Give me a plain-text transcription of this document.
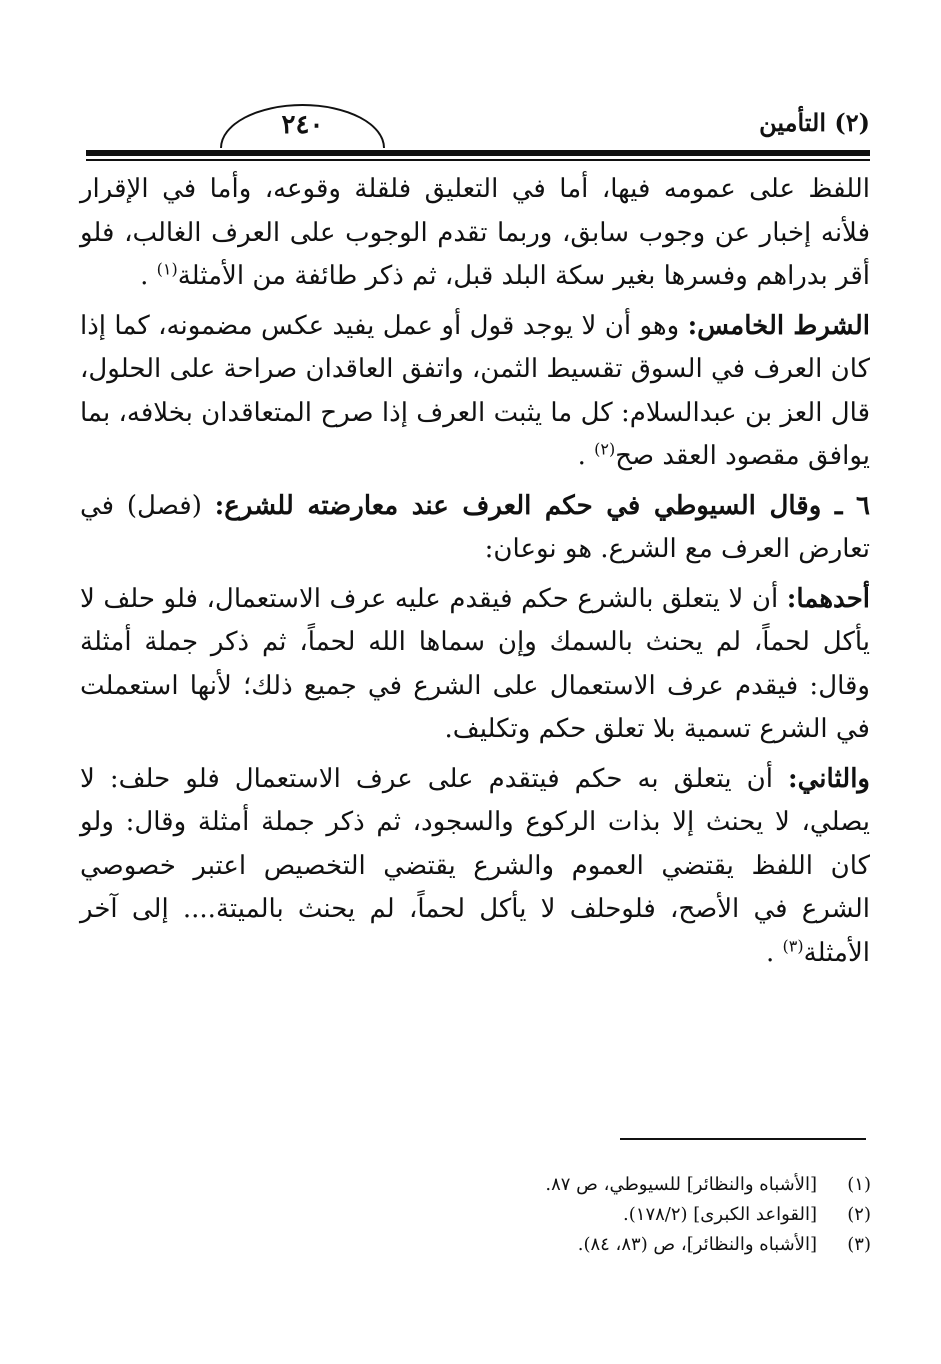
٢٤٠	(٢) التأمين

اللفظ على عمومه فيها، أما في التعليق فلقلة وقوعه، وأما في الإقرار فلأنه إخبار عن وجوب سابق، وربما تقدم الوجوب على العرف الغالب، فلو أقر بدراهم وفسرها بغير سكة البلد قبل، ثم ذكر طائفة من الأمثلة$^{(١)}$ .

الشرط الخامس: وهو أن لا يوجد قول أو عمل يفيد عكس مضمونه، كما إذا كان العرف في السوق تقسيط الثمن، واتفق العاقدان صراحة على الحلول، قال العز بن عبدالسلام: كل ما يثبت العرف إذا صرح المتعاقدان بخلافه، بما يوافق مقصود العقد صح$^{(٢)}$ .

٦ ـ وقال السيوطي في حكم العرف عند معارضته للشرع: (فصل) في تعارض العرف مع الشرع. هو نوعان:

أحدهما: أن لا يتعلق بالشرع حكم فيقدم عليه عرف الاستعمال، فلو حلف لا يأكل لحماً، لم يحنث بالسمك وإن سماها الله لحماً، ثم ذكر جملة أمثلة وقال: فيقدم عرف الاستعمال على الشرع في جميع ذلك؛ لأنها استعملت في الشرع تسمية بلا تعلق حكم وتكليف.

والثاني: أن يتعلق به حكم فيتقدم على عرف الاستعمال فلو حلف: لا يصلي، لا يحنث إلا بذات الركوع والسجود، ثم ذكر جملة أمثلة وقال: ولو كان اللفظ يقتضي العموم والشرع يقتضي التخصيص اعتبر خصوصي الشرع في الأصح، فلوحلف لا يأكل لحماً، لم يحنث بالميتة.... إلى آخر الأمثلة$^{(٣)}$ .

(١)
[الأشباه والنظائر] للسيوطي، ص ٨٧.
(٢)
[القواعد الكبرى] (١٧٨/٢).
(٣)
[الأشباه والنظائر]، ص (٨٣، ٨٤).
